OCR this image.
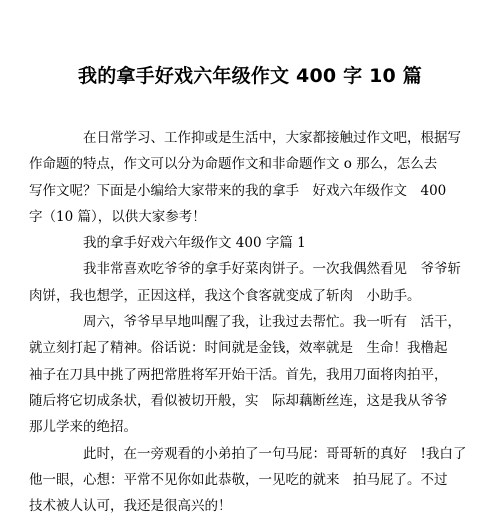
我的拿手好戏六年级作文 400 字 10 篇

在日常学习、工作抑或是生活中，大家都接触过作文吧，根据写
作命题的特点，作文可以分为命题作文和非命题作文 o 那么，怎么去
写作文呢？下面是小编给大家带来的我的拿手　好戏六年级作文　400
字（10 篇），以供大家参考！

我的拿手好戏六年级作文 400 字篇 1

我非常喜欢吃爷爷的拿手好菜肉饼子。一次我偶然看见　爷爷斩
肉饼，我也想学，正因这样，我这个食客就变成了斩肉　小助手。

周六，爷爷早早地叫醒了我，让我过去帮忙。我一听有　活干，
就立刻打起了精神。俗话说：时间就是金钱，效率就是　生命！我橹起
袖子在刀具中挑了两把常胜将军开始干活。首先，我用刀面将肉拍平，
随后将它切成条状，看似被切开般，实　际却藕断丝连，这是我从爷爷
那儿学来的绝招。

此时，在一旁观看的小弟拍了一句马屁：哥哥斩的真好　!我白了
他一眼，心想：平常不见你如此恭敬，一见吃的就来　拍马屁了。不过
技术被人认可，我还是很高兴的！
